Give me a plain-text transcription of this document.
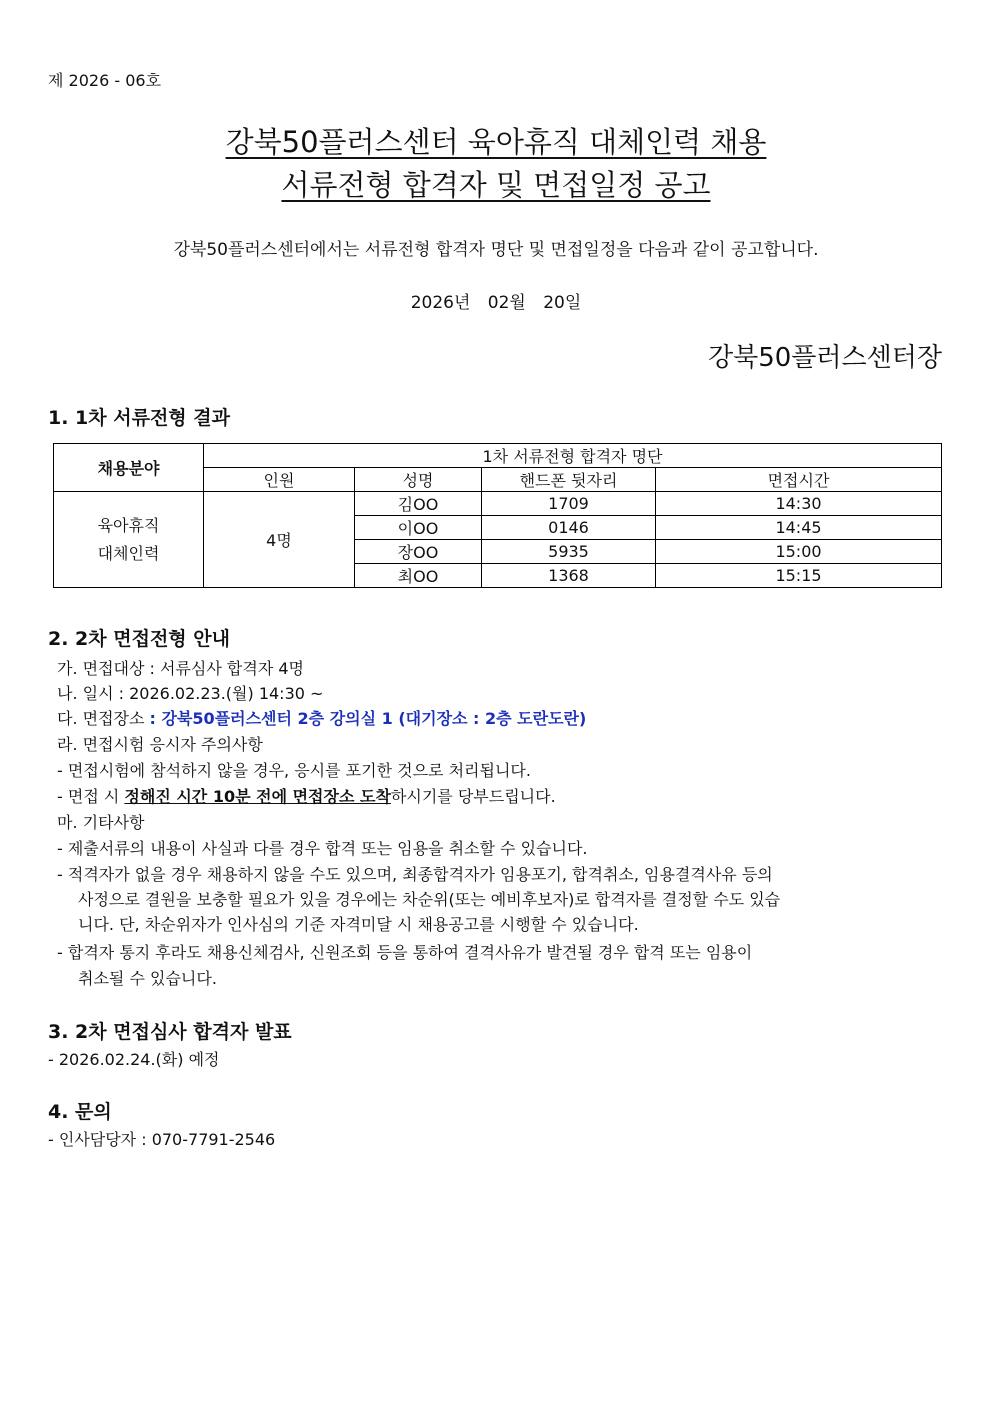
제 2026 - 06호
강북50플러스센터 육아휴직 대체인력 채용
서류전형 합격자 및 면접일정 공고
강북50플러스센터에서는 서류전형 합격자 명단 및 면접일정을 다음과 같이 공고합니다.
2026년 02월 20일
강북50플러스센터장
1. 1차 서류전형 결과
채용분야	1차 서류전형 합격자 명단			
	인원	성명	핸드폰 뒷자리	면접시간

육아휴직
대체인력	4명	김OO	1709	14:30
		이OO	0146	14:45
		장OO	5935	15:00
		최OO	1368	15:15
2. 2차 면접전형 안내
가. 면접대상 : 서류심사 합격자 4명
나. 일시 : 2026.02.23.(월) 14:30 ~
다. 면접장소 : 강북50플러스센터 2층 강의실 1 (대기장소 : 2층 도란도란)
라. 면접시험 응시자 주의사항
- 면접시험에 참석하지 않을 경우, 응시를 포기한 것으로 처리됩니다.
- 면접 시 정해진 시간 10분 전에 면접장소 도착하시기를 당부드립니다.
마. 기타사항
- 제출서류의 내용이 사실과 다를 경우 합격 또는 임용을 취소할 수 있습니다.
- 적격자가 없을 경우 채용하지 않을 수도 있으며, 최종합격자가 임용포기, 합격취소, 임용결격사유 등의
사정으로 결원을 보충할 필요가 있을 경우에는 차순위(또는 예비후보자)로 합격자를 결정할 수도 있습
니다. 단, 차순위자가 인사심의 기준 자격미달 시 채용공고를 시행할 수 있습니다.
- 합격자 통지 후라도 채용신체검사, 신원조회 등을 통하여 결격사유가 발견될 경우 합격 또는 임용이
취소될 수 있습니다.
3. 2차 면접심사 합격자 발표
- 2026.02.24.(화) 예정
4. 문의
- 인사담당자 : 070-7791-2546
